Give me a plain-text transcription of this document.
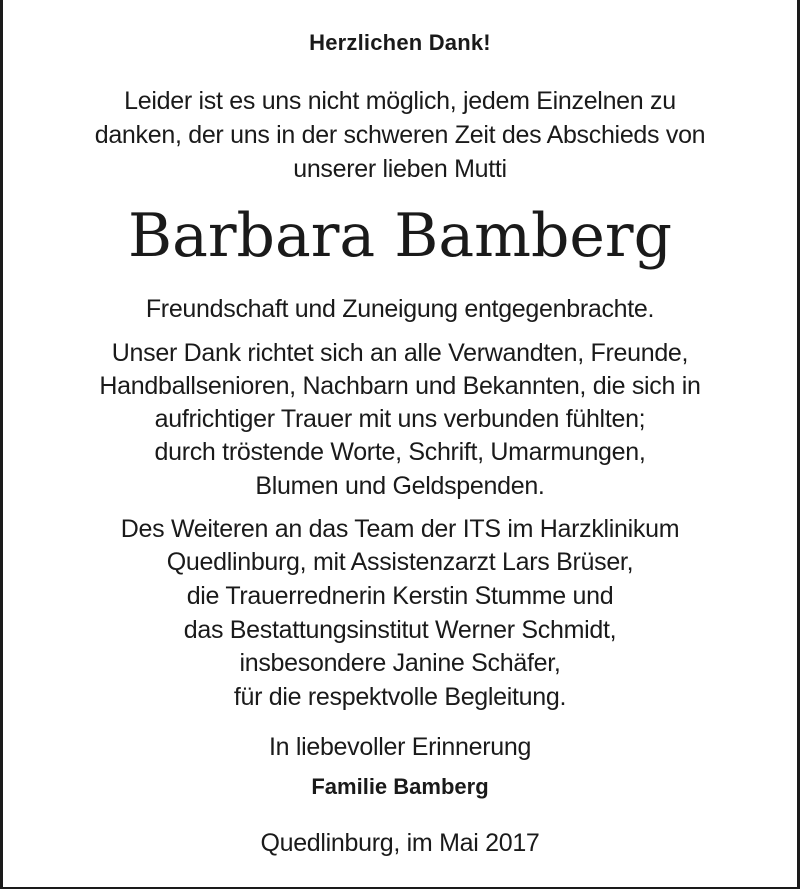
Herzlichen Dank!

Leider ist es uns nicht möglich, jedem Einzelnen zu

danken, der uns in der schweren Zeit des Abschieds von

unserer lieben Mutti

Barbara Bamberg

Freundschaft und Zuneigung entgegenbrachte.

Unser Dank richtet sich an alle Verwandten, Freunde,

Handballsenioren, Nachbarn und Bekannten, die sich in

aufrichtiger Trauer mit uns verbunden fühlten;

durch tröstende Worte, Schrift, Umarmungen,

Blumen und Geldspenden.

Des Weiteren an das Team der ITS im Harzklinikum

Quedlinburg, mit Assistenzarzt Lars Brüser,

die Trauerrednerin Kerstin Stumme und

das Bestattungsinstitut Werner Schmidt,

insbesondere Janine Schäfer,

für die respektvolle Begleitung.

In liebevoller Erinnerung

Familie Bamberg

Quedlinburg, im Mai 2017
